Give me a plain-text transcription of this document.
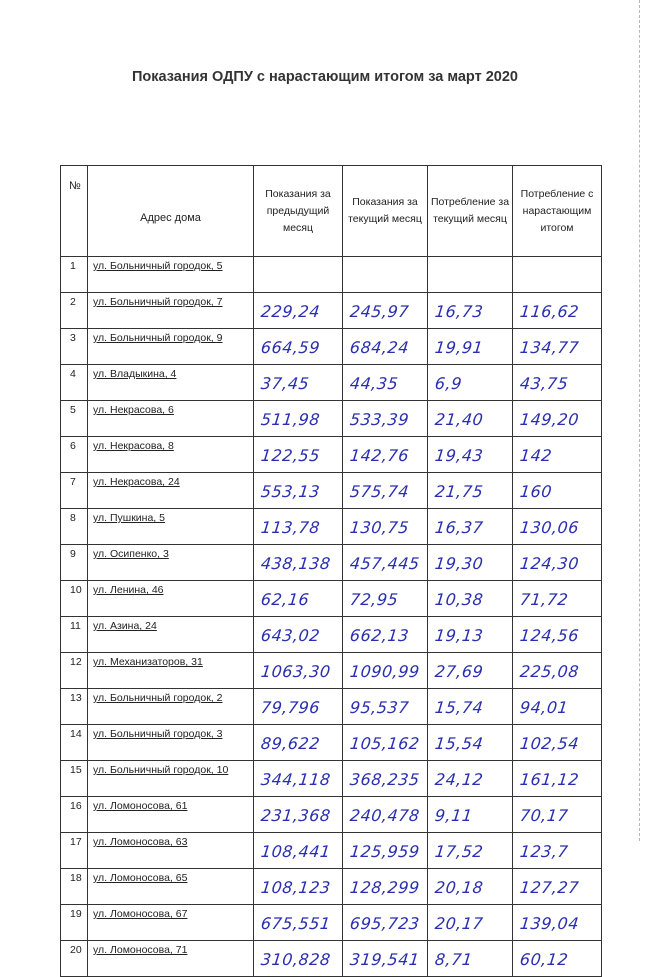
Показания ОДПУ с нарастающим итогом за март 2020
№	Адрес дома	Показания за предыдущий месяц	Показания за текущий месяц	Потребление за текущий месяц	Потребление с нарастающим итогом
1	ул. Больничный городок, 5				
2	ул. Больничный городок, 7	229,24	245,97	16,73	116,62
3	ул. Больничный городок, 9	664,59	684,24	19,91	134,77
4	ул. Владыкина, 4	37,45	44,35	6,9	43,75
5	ул. Некрасова, 6	511,98	533,39	21,40	149,20
6	ул. Некрасова, 8	122,55	142,76	19,43	142
7	ул. Некрасова, 24	553,13	575,74	21,75	160
8	ул. Пушкина, 5	113,78	130,75	16,37	130,06
9	ул. Осипенко, 3	438,138	457,445	19,30	124,30
10	ул. Ленина, 46	62,16	72,95	10,38	71,72
11	ул. Азина, 24	643,02	662,13	19,13	124,56
12	ул. Механизаторов, 31	1063,30	1090,99	27,69	225,08
13	ул. Больничный городок, 2	79,796	95,537	15,74	94,01
14	ул. Больничный городок, 3	89,622	105,162	15,54	102,54
15	ул. Больничный городок, 10	344,118	368,235	24,12	161,12
16	ул. Ломоносова, 61	231,368	240,478	9,11	70,17
17	ул. Ломоносова, 63	108,441	125,959	17,52	123,7
18	ул. Ломоносова, 65	108,123	128,299	20,18	127,27
19	ул. Ломоносова, 67	675,551	695,723	20,17	139,04
20	ул. Ломоносова, 71	310,828	319,541	8,71	60,12
